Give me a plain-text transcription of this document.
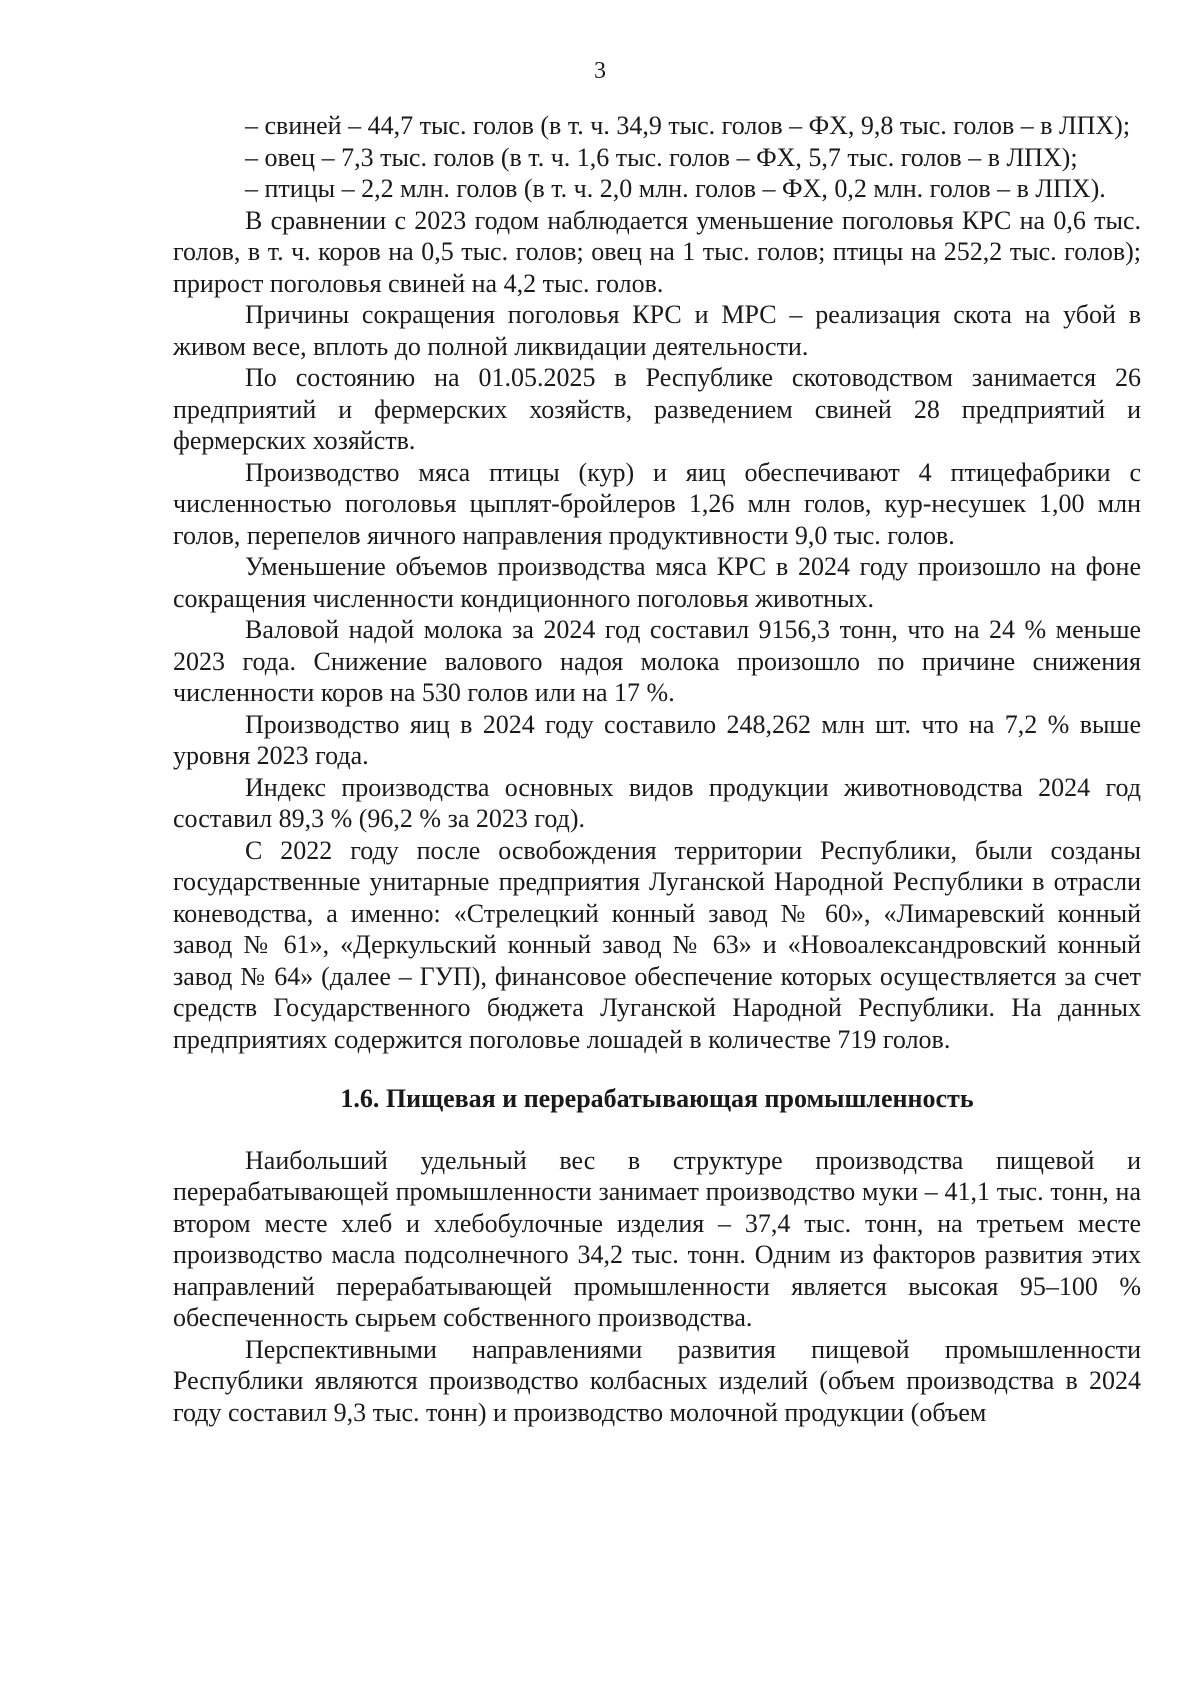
3

– свиней – 44,7 тыс. голов (в т. ч. 34,9 тыс. голов – ФХ, 9,8 тыс. голов – в ЛПХ);

– овец – 7,3 тыс. голов (в т. ч. 1,6 тыс. голов – ФХ, 5,7 тыс. голов – в ЛПХ);

– птицы – 2,2 млн. голов (в т. ч. 2,0 млн. голов – ФХ, 0,2 млн. голов – в ЛПХ).

В сравнении с 2023 годом наблюдается уменьшение поголовья КРС на 0,6 тыс. голов, в т. ч. коров на 0,5 тыс. голов; овец на 1 тыс. голов; птицы на 252,2 тыс. голов); прирост поголовья свиней на 4,2 тыс. голов.

Причины сокращения поголовья КРС и МРС – реализация скота на убой в живом весе, вплоть до полной ликвидации деятельности.

По состоянию на 01.05.2025 в Республике скотоводством занимается 26 предприятий и фермерских хозяйств, разведением свиней 28 предприятий и фермерских хозяйств.

Производство мяса птицы (кур) и яиц обеспечивают 4 птицефабрики с численностью поголовья цыплят-бройлеров 1,26 млн голов, кур-несушек 1,00 млн голов, перепелов яичного направления продуктивности 9,0 тыс. голов.

Уменьшение объемов производства мяса КРС в 2024 году произошло на фоне сокращения численности кондиционного поголовья животных.

Валовой надой молока за 2024 год составил 9156,3 тонн, что на 24 % меньше 2023 года. Снижение валового надоя молока произошло по причине снижения численности коров на 530 голов или на 17 %.

Производство яиц в 2024 году составило 248,262 млн шт. что на 7,2 % выше уровня 2023 года.

Индекс производства основных видов продукции животноводства 2024 год составил 89,3 % (96,2 % за 2023 год).

С 2022 году после освобождения территории Республики, были созданы государственные унитарные предприятия Луганской Народной Республики в отрасли коневодства, а именно: «Стрелецкий конный завод № 60», «Лимаревский конный завод № 61», «Деркульский конный завод № 63» и «Новоалександровский конный завод № 64» (далее – ГУП), финансовое обеспечение которых осуществляется за счет средств Государственного бюджета Луганской Народной Республики. На данных предприятиях содержится поголовье лошадей в количестве 719 голов.

1.6. Пищевая и перерабатывающая промышленность

Наибольший удельный вес в структуре производства пищевой и перерабатывающей промышленности занимает производство муки – 41,1 тыс. тонн, на втором месте хлеб и хлебобулочные изделия – 37,4 тыс. тонн, на третьем месте производство масла подсолнечного 34,2 тыс. тонн. Одним из факторов развития этих направлений перерабатывающей промышленности является высокая 95–100 % обеспеченность сырьем собственного производства.

Перспективными направлениями развития пищевой промышленности Республики являются производство колбасных изделий (объем производства в 2024 году составил 9,3 тыс. тонн) и производство молочной продукции (объем
